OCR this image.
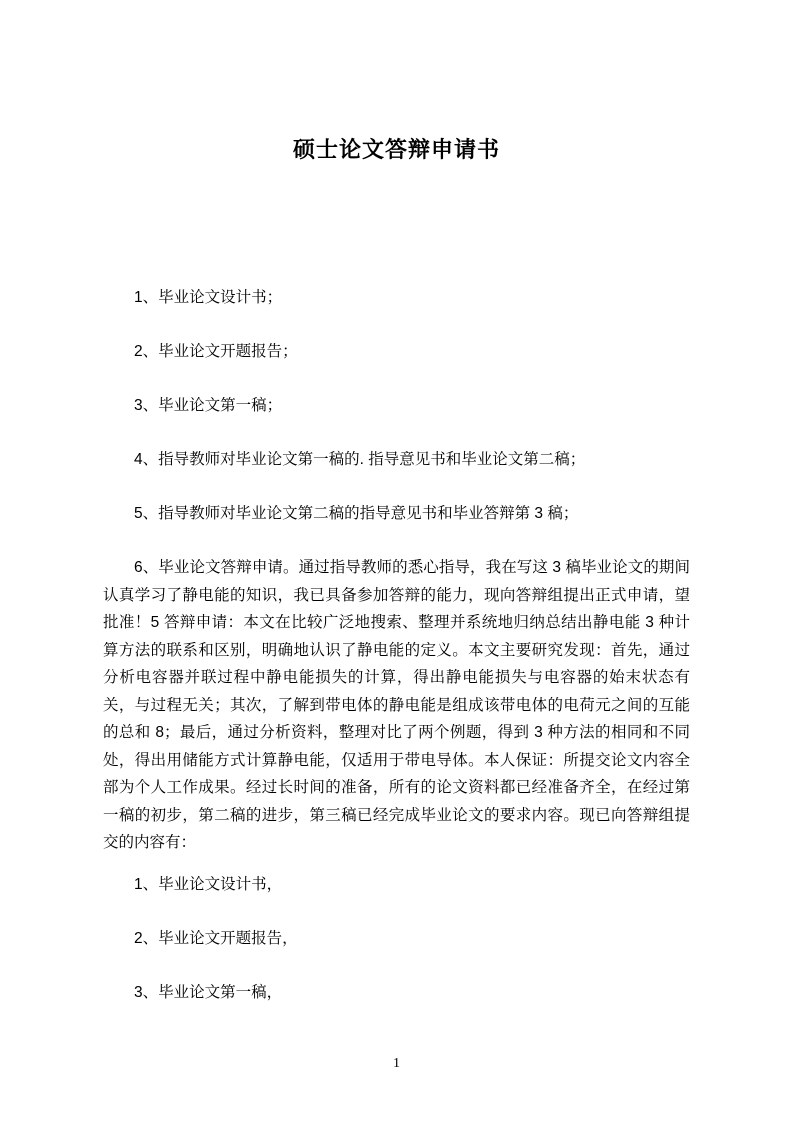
硕士论文答辩申请书

1、毕业论文设计书；

2、毕业论文开题报告；

3、毕业论文第一稿；

4、指导教师对毕业论文第一稿的. 指导意见书和毕业论文第二稿；

5、指导教师对毕业论文第二稿的指导意见书和毕业答辩第 3 稿；

6、毕业论文答辩申请。通过指导教师的悉心指导，我在写这 3 稿毕业论文的期间认真学习了静电能的知识，我已具备参加答辩的能力，现向答辩组提出正式申请，望批准！5 答辩申请：本文在比较广泛地搜索、整理并系统地归纳总结出静电能 3 种计算方法的联系和区别，明确地认识了静电能的定义。本文主要研究发现：首先，通过分析电容器并联过程中静电能损失的计算，得出静电能损失与电容器的始末状态有关，与过程无关；其次，了解到带电体的静电能是组成该带电体的电荷元之间的互能的总和 8；最后，通过分析资料，整理对比了两个例题，得到 3 种方法的相同和不同处，得出用储能方式计算静电能，仅适用于带电导体。本人保证：所提交论文内容全部为个人工作成果。经过长时间的准备，所有的论文资料都已经准备齐全，在经过第一稿的初步，第二稿的进步，第三稿已经完成毕业论文的要求内容。现已向答辩组提交的内容有：

1、毕业论文设计书，

2、毕业论文开题报告，

3、毕业论文第一稿，

1
